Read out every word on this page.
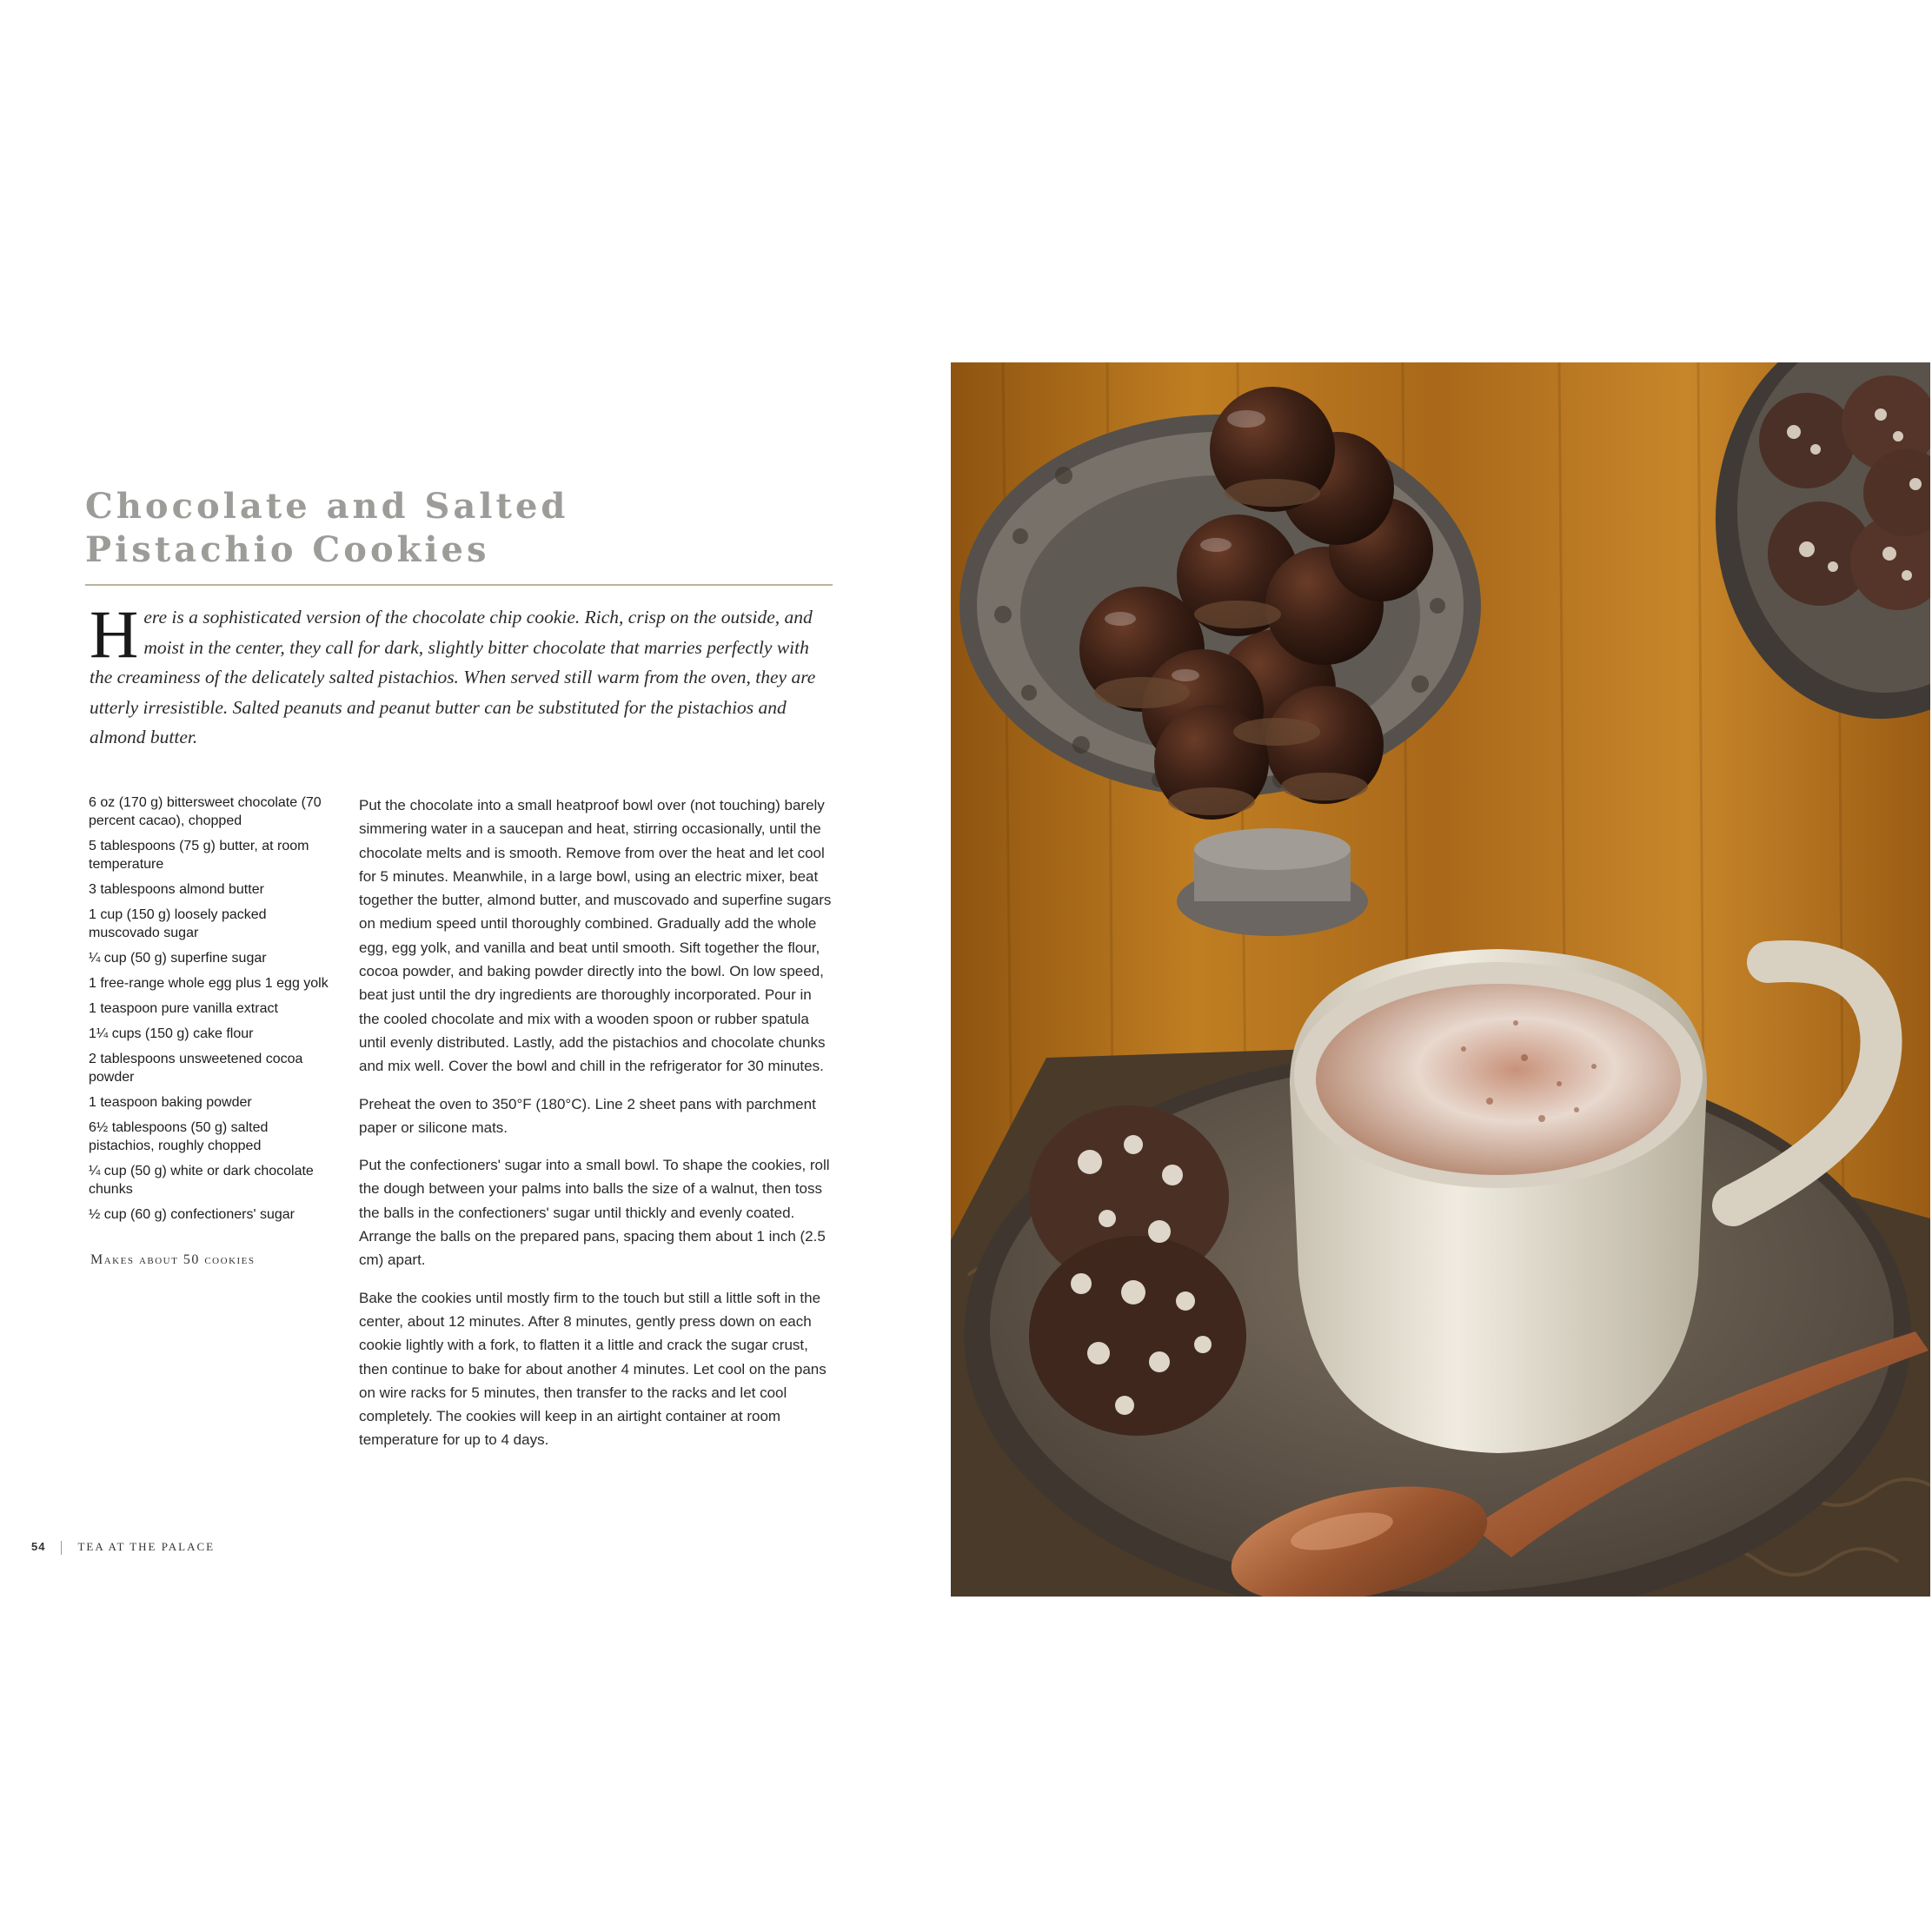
Chocolate and Salted
Pistachio Cookies

Here is a sophisticated version of the chocolate chip cookie. Rich, crisp on the outside, and moist in the center, they call for dark, slightly bitter chocolate that marries perfectly with the creaminess of the delicately salted pistachios. When served still warm from the oven, they are utterly irresistible. Salted peanuts and peanut butter can be substituted for the pistachios and almond butter.

6 oz (170 g) bittersweet chocolate (70 percent cacao), chopped
5 tablespoons (75 g) butter, at room temperature
3 tablespoons almond butter
1 cup (150 g) loosely packed muscovado sugar
¼ cup (50 g) superfine sugar
1 free-range whole egg plus 1 egg yolk
1 teaspoon pure vanilla extract
1¼ cups (150 g) cake flour
2 tablespoons unsweetened cocoa powder
1 teaspoon baking powder
6½ tablespoons (50 g) salted pistachios, roughly chopped
¼ cup (50 g) white or dark chocolate chunks
½ cup (60 g) confectioners' sugar
Makes about 50 cookies

Put the chocolate into a small heatproof bowl over (not touching) barely simmering water in a saucepan and heat, stirring occasionally, until the chocolate melts and is smooth. Remove from over the heat and let cool for 5 minutes. Meanwhile, in a large bowl, using an electric mixer, beat together the butter, almond butter, and muscovado and superfine sugars on medium speed until thoroughly combined. Gradually add the whole egg, egg yolk, and vanilla and beat until smooth. Sift together the flour, cocoa powder, and baking powder directly into the bowl. On low speed, beat just until the dry ingredients are thoroughly incorporated. Pour in the cooled chocolate and mix with a wooden spoon or rubber spatula until evenly distributed. Lastly, add the pistachios and chocolate chunks and mix well. Cover the bowl and chill in the refrigerator for 30 minutes.

Preheat the oven to 350°F (180°C). Line 2 sheet pans with parchment paper or silicone mats.

Put the confectioners' sugar into a small bowl. To shape the cookies, roll the dough between your palms into balls the size of a walnut, then toss the balls in the confectioners' sugar until thickly and evenly coated. Arrange the balls on the prepared pans, spacing them about 1 inch (2.5 cm) apart.

Bake the cookies until mostly firm to the touch but still a little soft in the center, about 12 minutes. After 8 minutes, gently press down on each cookie lightly with a fork, to flatten it a little and crack the sugar crust, then continue to bake for about another 4 minutes. Let cool on the pans on wire racks for 5 minutes, then transfer to the racks and let cool completely. The cookies will keep in an airtight container at room temperature for up to 4 days.

54	TEA AT THE PALACE
